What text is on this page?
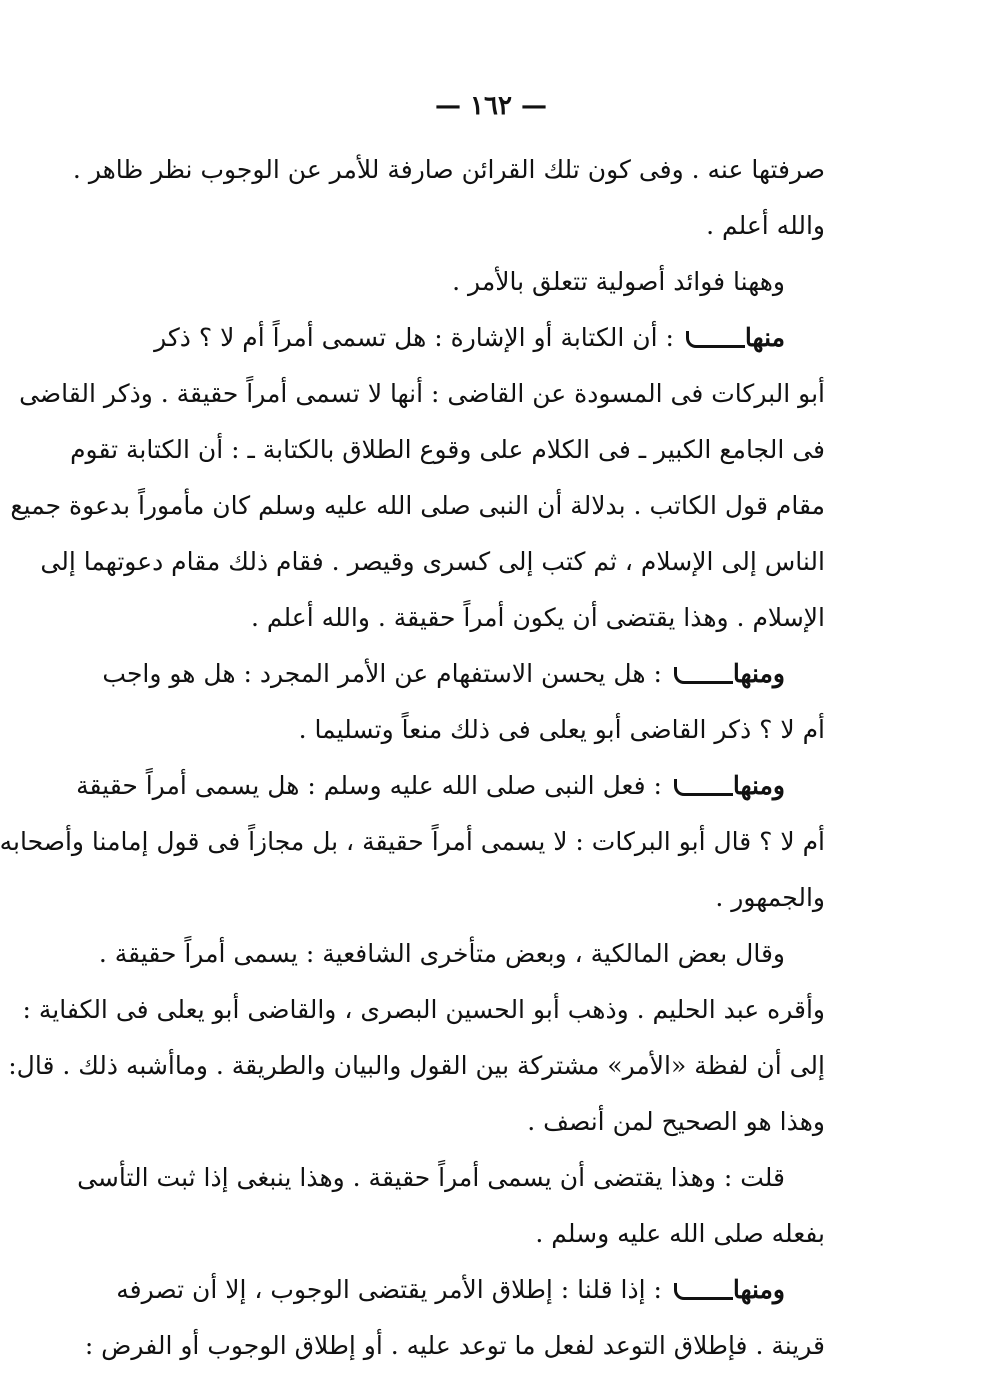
— ١٦٢ —
صرفتها عنه . وفى كون تلك القرائن صارفة للأمر عن الوجوب نظر ظاهر .
والله أعلم .
وههنا فوائد أصولية تتعلق بالأمر .
منها : أن الكتابة أو الإشارة : هل تسمى أمراً أم لا ؟ ذكر
أبو البركات فى المسودة عن القاضى : أنها لا تسمى أمراً حقيقة . وذكر القاضى
فى الجامع الكبير ـ فى الكلام على وقوع الطلاق بالكتابة ـ : أن الكتابة تقوم
مقام قول الكاتب . بدلالة أن النبى صلى الله عليه وسلم كان مأموراً بدعوة جميع
الناس إلى الإسلام ، ثم كتب إلى كسرى وقيصر . فقام ذلك مقام دعوتهما إلى
الإسلام . وهذا يقتضى أن يكون أمراً حقيقة . والله أعلم .
ومنها : هل يحسن الاستفهام عن الأمر المجرد : هل هو واجب
أم لا ؟ ذكر القاضى أبو يعلى فى ذلك منعاً وتسليما .
ومنها : فعل النبى صلى الله عليه وسلم : هل يسمى أمراً حقيقة
أم لا ؟ قال أبو البركات : لا يسمى أمراً حقيقة ، بل مجازاً فى قول إمامنا وأصحابه
والجمهور .
وقال بعض المالكية ، وبعض متأخرى الشافعية : يسمى أمراً حقيقة .
وأقره عبد الحليم . وذهب أبو الحسين البصرى ، والقاضى أبو يعلى فى الكفاية :
إلى أن لفظة «الأمر» مشتركة بين القول والبيان والطريقة . وماأشبه ذلك . قال:
وهذا هو الصحيح لمن أنصف .
قلت : وهذا يقتضى أن يسمى أمراً حقيقة . وهذا ينبغى إذا ثبت التأسى
بفعله صلى الله عليه وسلم .
ومنها : إذا قلنا : إطلاق الأمر يقتضى الوجوب ، إلا أن تصرفه
قرينة . فإطلاق التوعد لفعل ما توعد عليه . أو إطلاق الوجوب أو الفرض :
